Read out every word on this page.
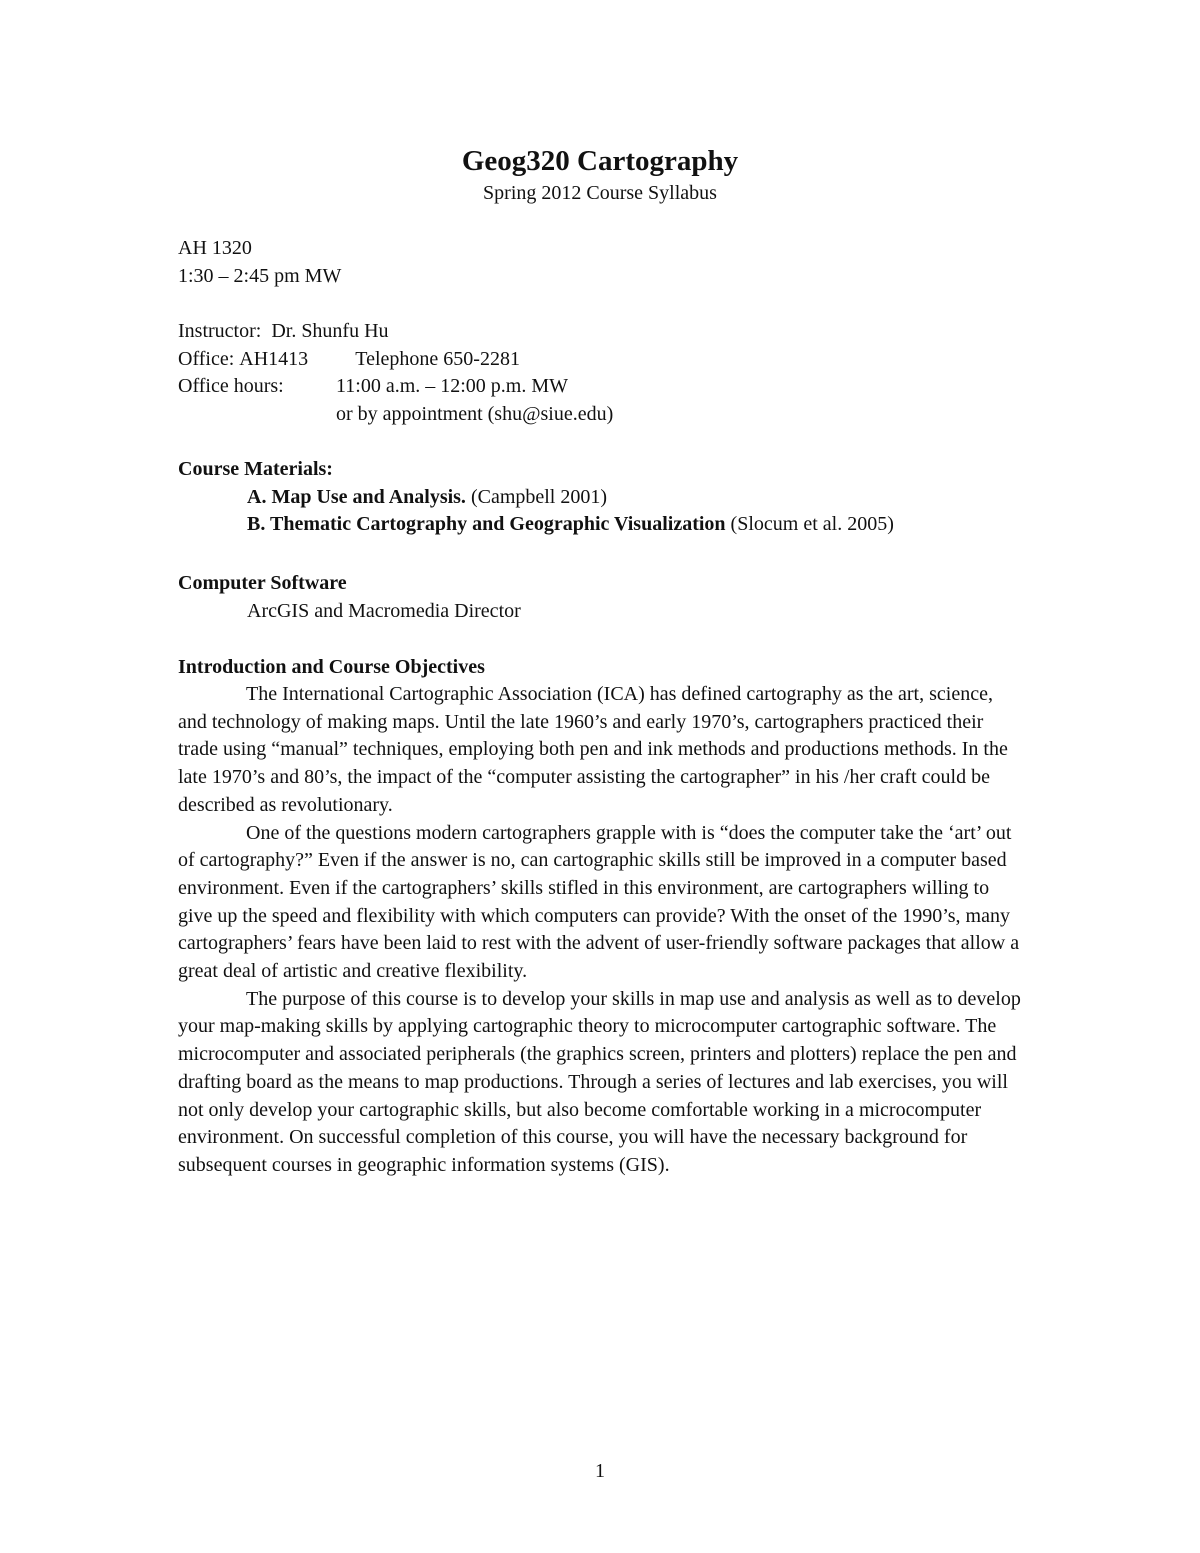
Geog320 Cartography
Spring 2012 Course Syllabus
AH 1320
1:30 – 2:45 pm MW
Instructor: Dr. Shunfu Hu
Office: AH1413 Telephone 650-2281
Office hours:	11:00 a.m. – 12:00 p.m. MW
or by appointment (shu@siue.edu)
Course Materials:
A. Map Use and Analysis. (Campbell 2001)
B. Thematic Cartography and Geographic Visualization (Slocum et al. 2005)
Computer Software
ArcGIS and Macromedia Director
Introduction and Course Objectives

The International Cartographic Association (ICA) has defined cartography as the art, science, and technology of making maps. Until the late 1960’s and early 1970’s, cartographers practiced their trade using “manual” techniques, employing both pen and ink methods and productions methods. In the late 1970’s and 80’s, the impact of the “computer assisting the cartographer” in his /her craft could be described as revolutionary.

One of the questions modern cartographers grapple with is “does the computer take the ‘art’ out of cartography?” Even if the answer is no, can cartographic skills still be improved in a computer based environment. Even if the cartographers’ skills stifled in this environment, are cartographers willing to give up the speed and flexibility with which computers can provide? With the onset of the 1990’s, many cartographers’ fears have been laid to rest with the advent of user-friendly software packages that allow a great deal of artistic and creative flexibility.

The purpose of this course is to develop your skills in map use and analysis as well as to develop your map-making skills by applying cartographic theory to microcomputer cartographic software. The microcomputer and associated peripherals (the graphics screen, printers and plotters) replace the pen and drafting board as the means to map productions. Through a series of lectures and lab exercises, you will not only develop your cartographic skills, but also become comfortable working in a microcomputer environment. On successful completion of this course, you will have the necessary background for subsequent courses in geographic information systems (GIS).

1
